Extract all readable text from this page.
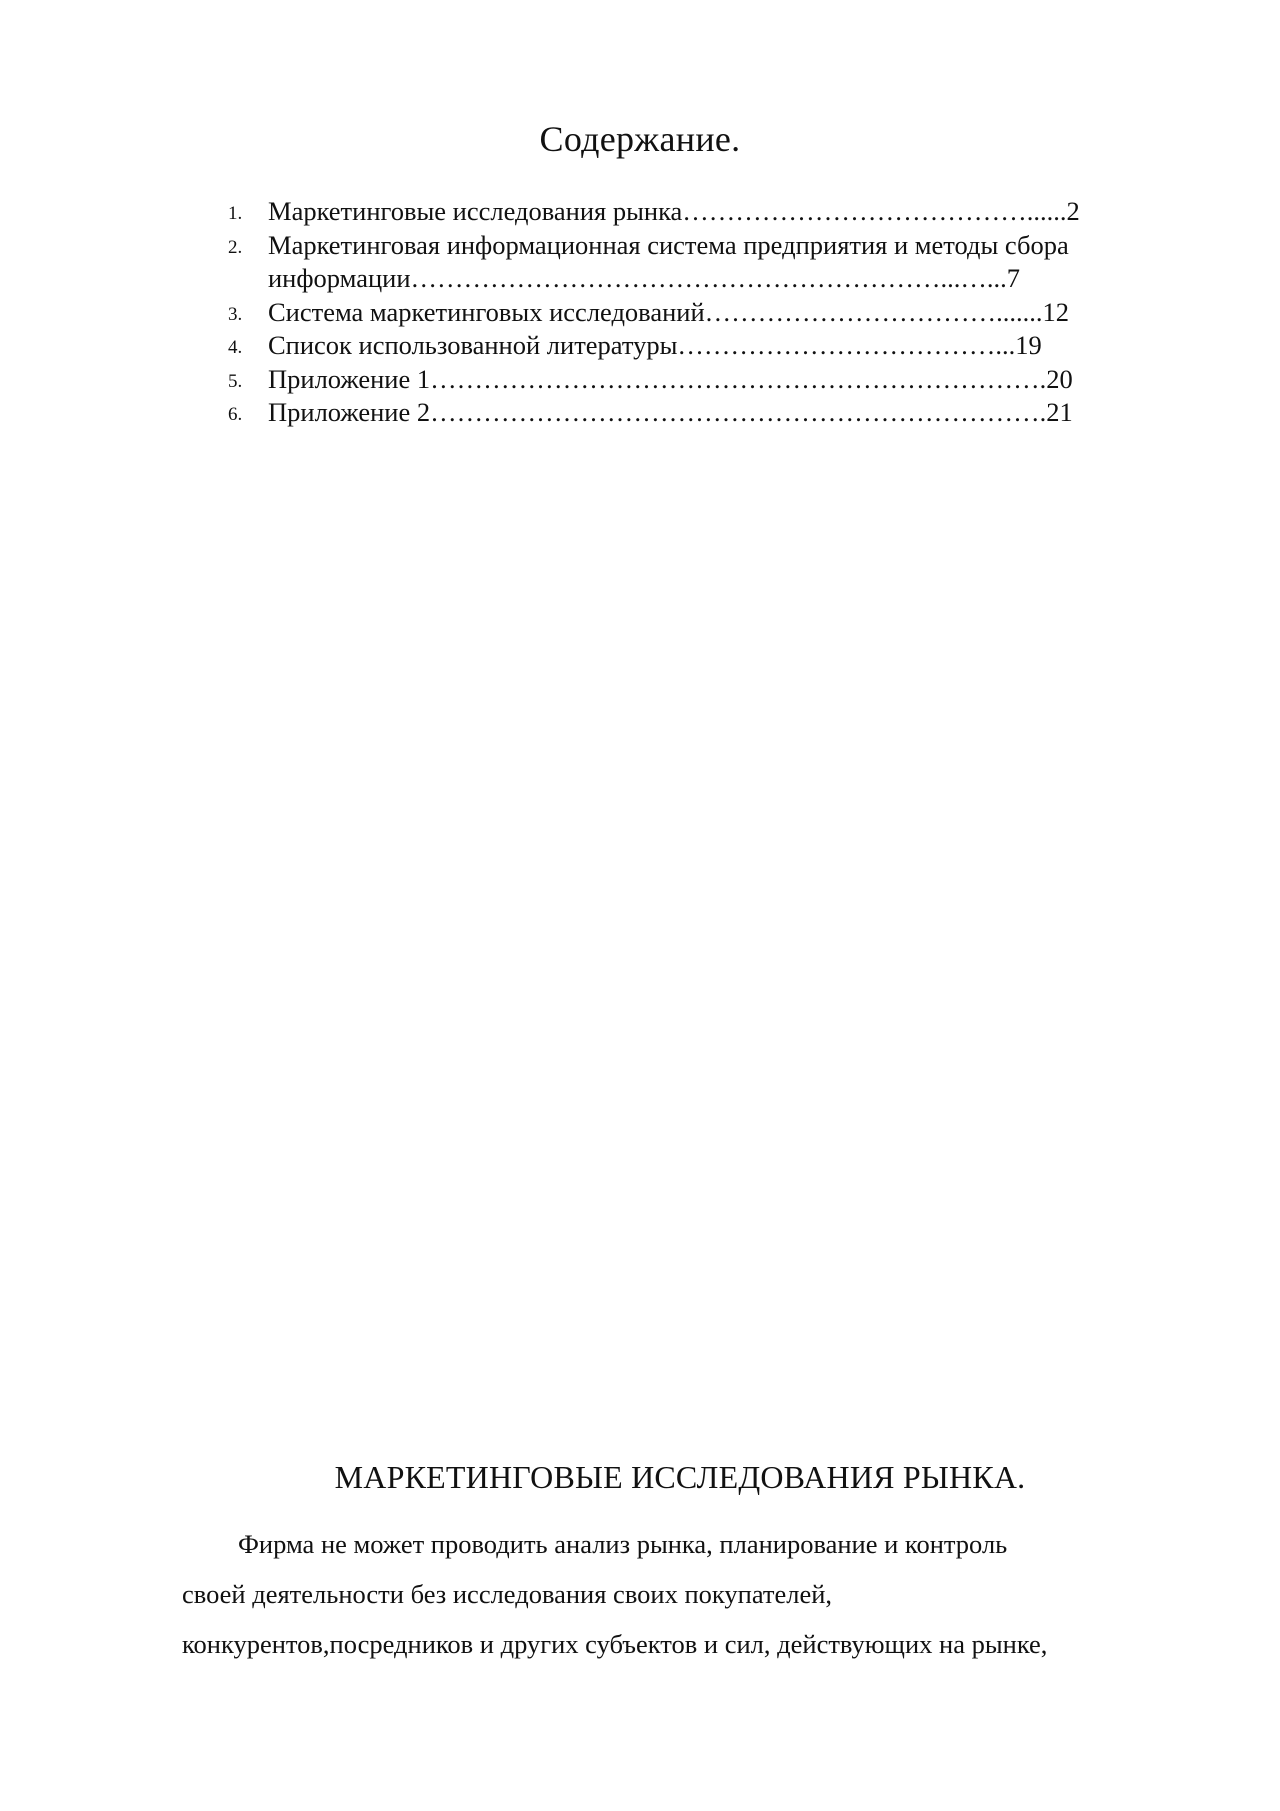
Содержание.
1. Маркетинговые исследования рынка…………………………………......2
2. Маркетинговая информационная система предприятия и методы сбора
информации……………………………………………………...…...7
3. Система маркетинговых исследований…………………………….......12
4. Список использованной литературы………………………………...19
5. Приложение 1…………………………………………………………….20
6. Приложение 2…………………………………………………………….21
МАРКЕТИНГОВЫЕ ИССЛЕДОВАНИЯ РЫНКА.
Фирма не может проводить анализ рынка, планирование и контроль
своей деятельности без исследования своих покупателей,
конкурентов,посредников и других субъектов и сил, действующих на рынке,
